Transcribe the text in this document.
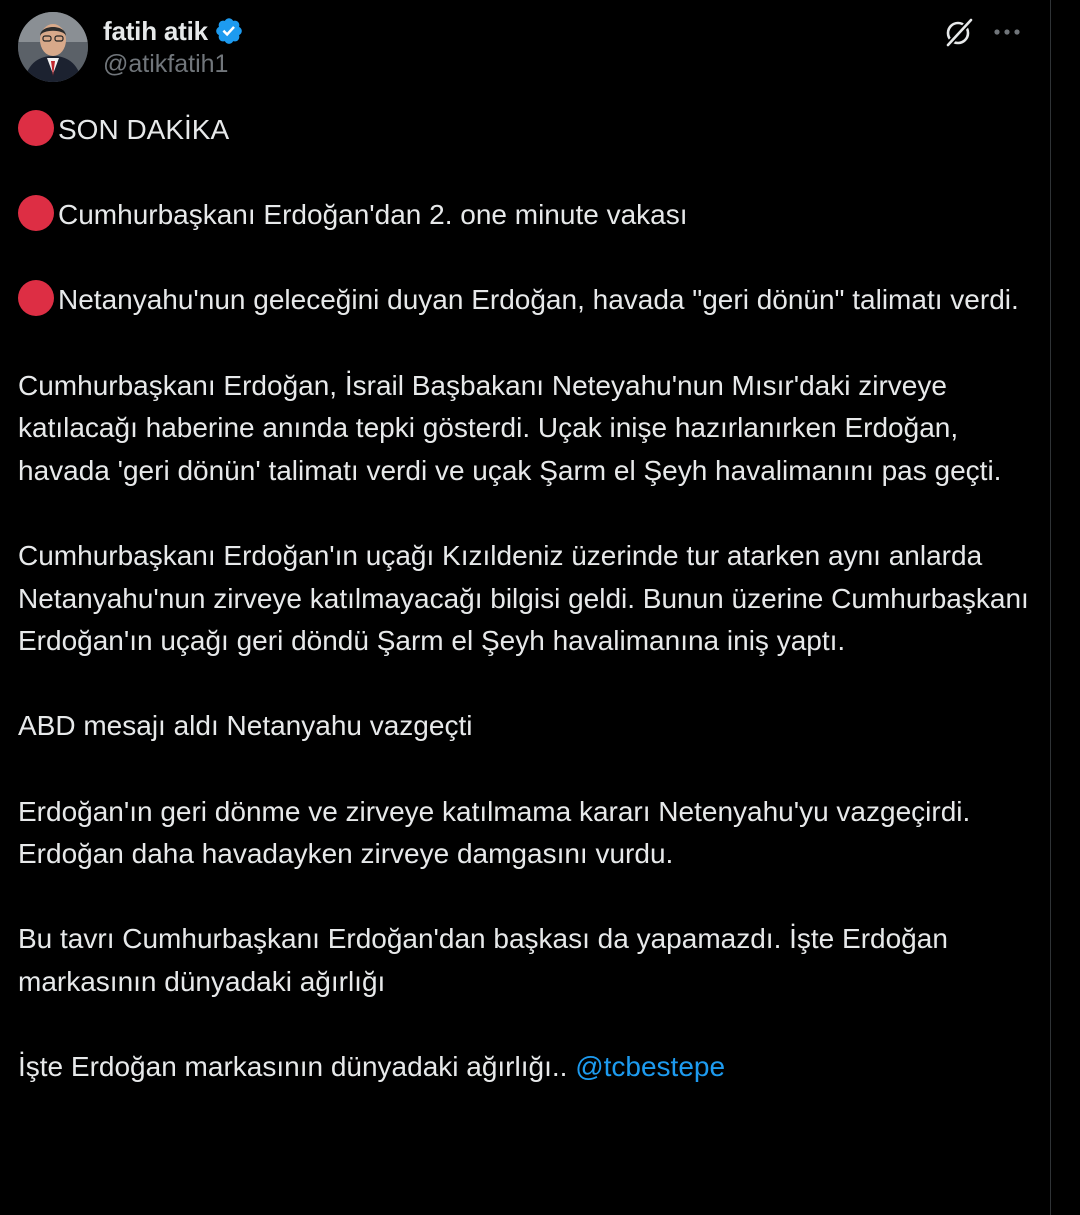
fatih atik
@atikfatih1

SON DAKİKA

Cumhurbaşkanı Erdoğan'dan 2. one minute vakası

Netanyahu'nun geleceğini duyan Erdoğan, havada "geri dönün" talimatı verdi.

Cumhurbaşkanı Erdoğan, İsrail Başbakanı Neteyahu'nun Mısır'daki zirveye katılacağı haberine anında tepki gösterdi. Uçak inişe hazırlanırken Erdoğan, havada 'geri dönün' talimatı verdi ve uçak Şarm el Şeyh havalimanını pas geçti.

Cumhurbaşkanı Erdoğan'ın uçağı Kızıldeniz üzerinde tur atarken aynı anlarda Netanyahu'nun zirveye katılmayacağı bilgisi geldi. Bunun üzerine Cumhurbaşkanı Erdoğan'ın uçağı geri döndü Şarm el Şeyh havalimanına iniş yaptı.

ABD mesajı aldı Netanyahu vazgeçti

Erdoğan'ın geri dönme ve zirveye katılmama kararı Netenyahu'yu vazgeçirdi. Erdoğan daha havadayken zirveye damgasını vurdu.

Bu tavrı Cumhurbaşkanı Erdoğan'dan başkası da yapamazdı. İşte Erdoğan markasının dünyadaki ağırlığı

İşte Erdoğan markasının dünyadaki ağırlığı.. @tcbestepe
